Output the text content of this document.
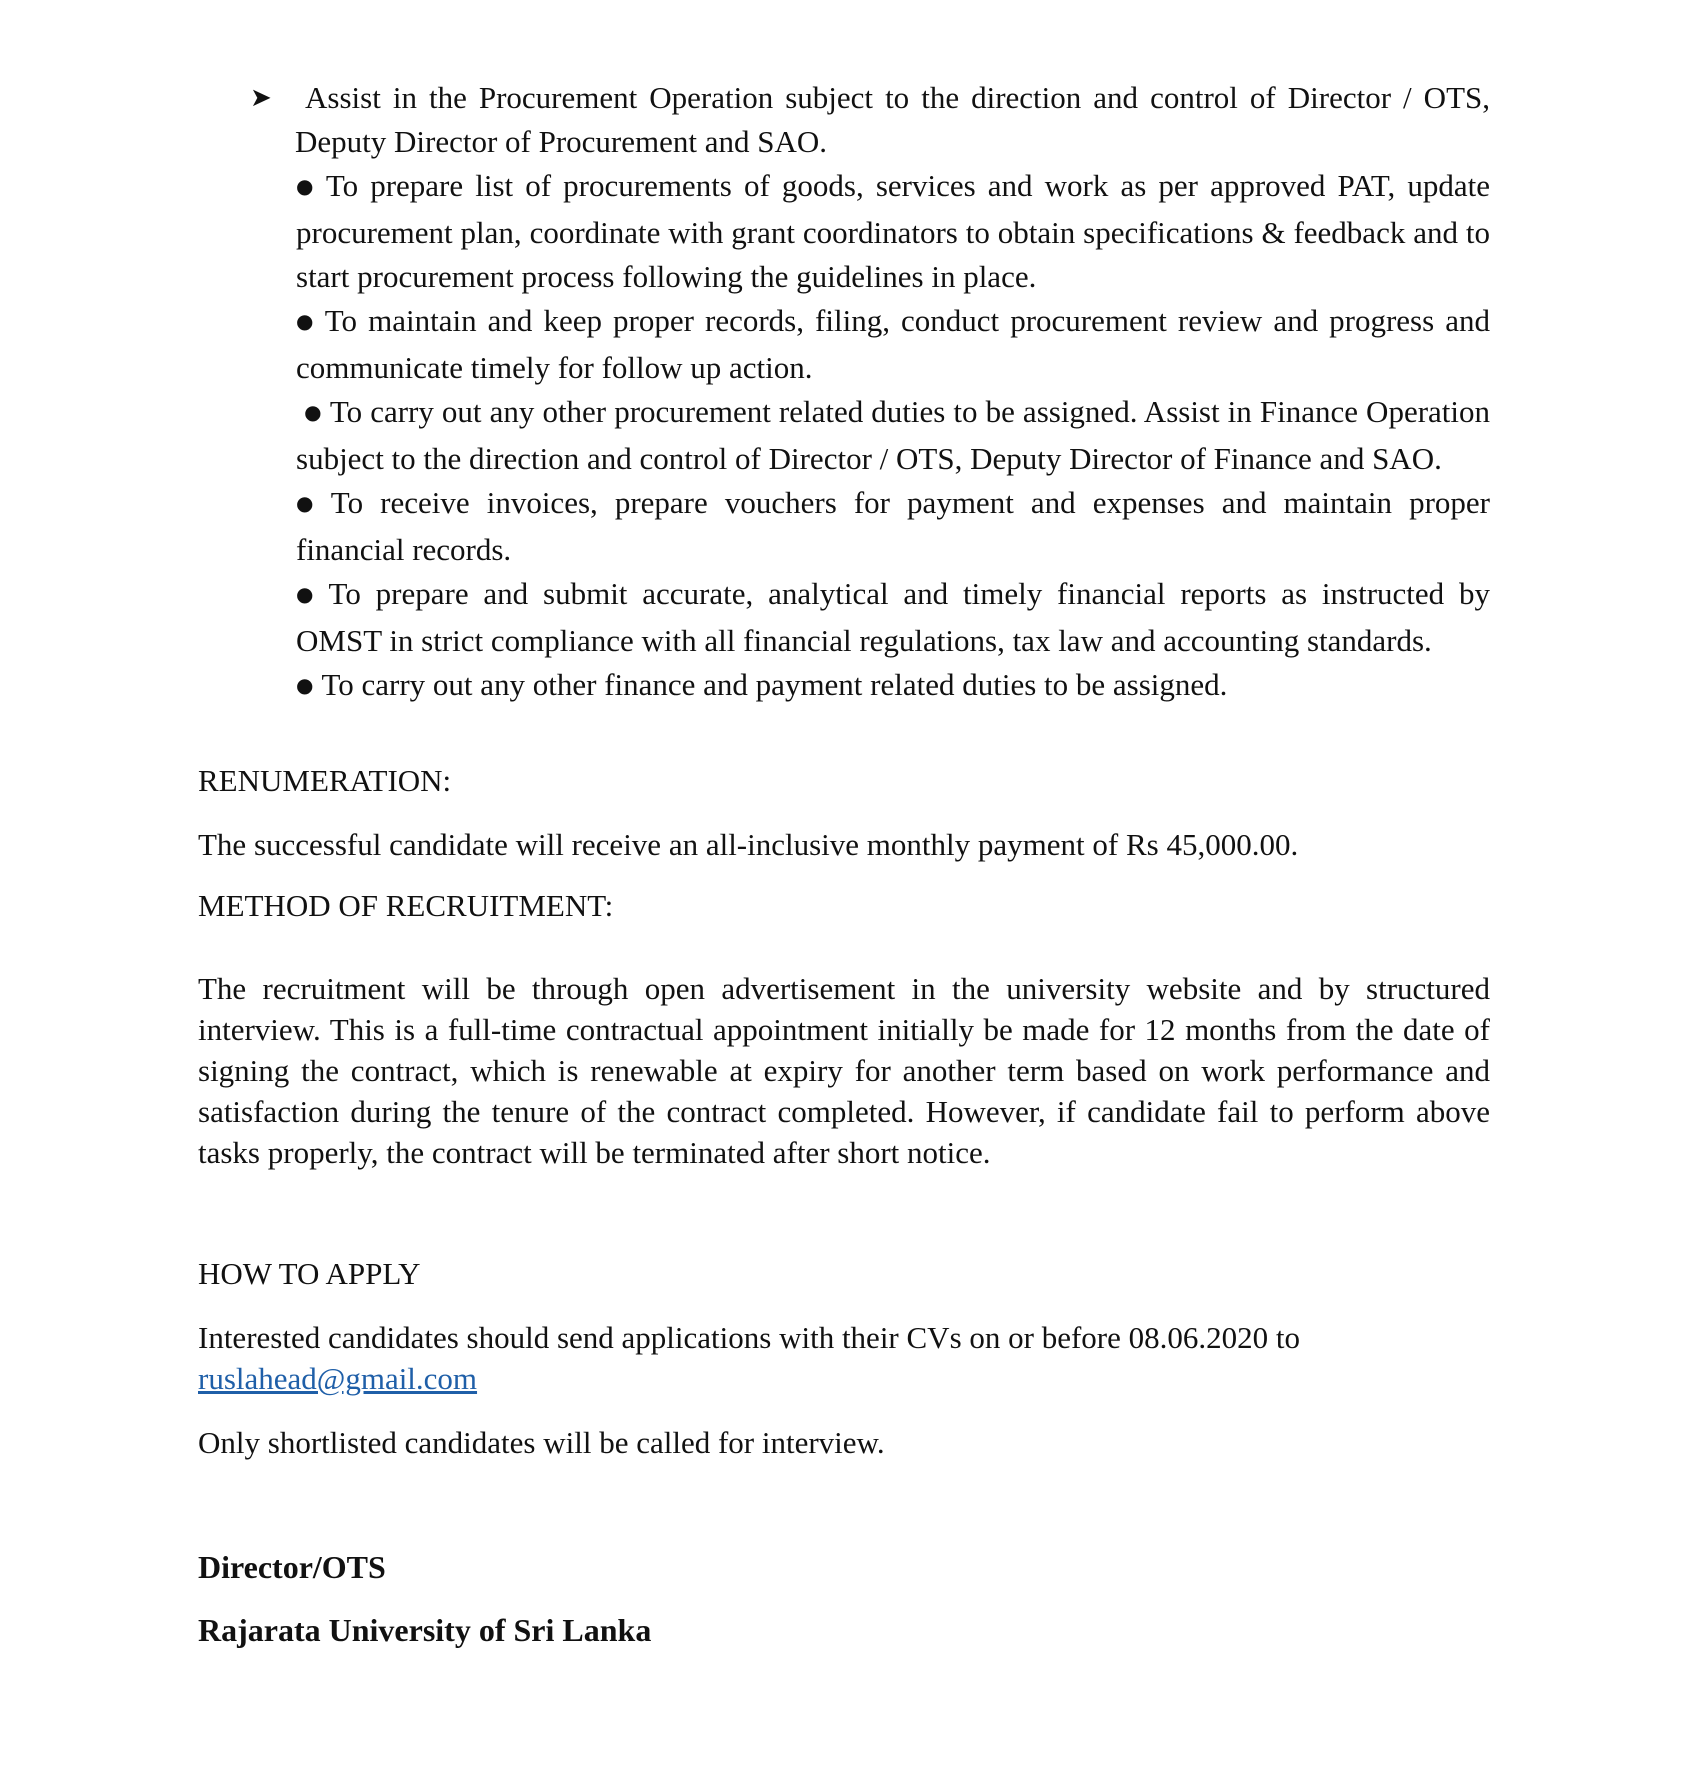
➤	Assist in the Procurement Operation subject to the direction and control of Director / OTS, Deputy Director of Procurement and SAO.
● To prepare list of procurements of goods, services and work as per approved PAT, update procurement plan, coordinate with grant coordinators to obtain specifications & feedback and to start procurement process following the guidelines in place.
● To maintain and keep proper records, filing, conduct procurement review and progress and communicate timely for follow up action.
● To carry out any other procurement related duties to be assigned. Assist in Finance Operation subject to the direction and control of Director / OTS, Deputy Director of Finance and SAO.
● To receive invoices, prepare vouchers for payment and expenses and maintain proper financial records.
● To prepare and submit accurate, analytical and timely financial reports as instructed by OMST in strict compliance with all financial regulations, tax law and accounting standards.
● To carry out any other finance and payment related duties to be assigned.

RENUMERATION:

The successful candidate will receive an all-inclusive monthly payment of Rs 45,000.00.

METHOD OF RECRUITMENT:

The recruitment will be through open advertisement in the university website and by structured interview. This is a full-time contractual appointment initially be made for 12 months from the date of signing the contract, which is renewable at expiry for another term based on work performance and satisfaction during the tenure of the contract completed. However, if candidate fail to perform above tasks properly, the contract will be terminated after short notice.

HOW TO APPLY

Interested candidates should send applications with their CVs on or before 08.06.2020 to

ruslahead@gmail.com

Only shortlisted candidates will be called for interview.

Director/OTS

Rajarata University of Sri Lanka
